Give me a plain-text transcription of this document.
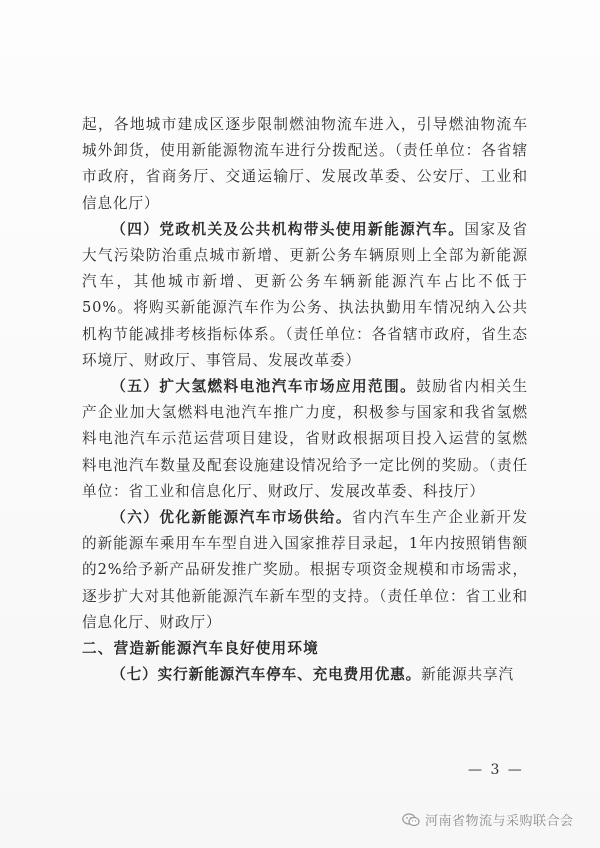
起，各地城市建成区逐步限制燃油物流车进入，引导燃油物流车城外卸货，使用新能源物流车进行分拨配送。（责任单位：各省辖市政府，省商务厅、交通运输厅、发展改革委、公安厅、工业和信息化厅）

（四）党政机关及公共机构带头使用新能源汽车。国家及省大气污染防治重点城市新增、更新公务车辆原则上全部为新能源汽车，其他城市新增、更新公务车辆新能源汽车占比不低于50%。将购买新能源汽车作为公务、执法执勤用车情况纳入公共机构节能减排考核指标体系。（责任单位：各省辖市政府，省生态环境厅、财政厅、事管局、发展改革委）

（五）扩大氢燃料电池汽车市场应用范围。鼓励省内相关生产企业加大氢燃料电池汽车推广力度，积极参与国家和我省氢燃料电池汽车示范运营项目建设，省财政根据项目投入运营的氢燃料电池汽车数量及配套设施建设情况给予一定比例的奖励。（责任单位：省工业和信息化厅、财政厅、发展改革委、科技厅）

（六）优化新能源汽车市场供给。省内汽车生产企业新开发的新能源车乘用车车型自进入国家推荐目录起，1年内按照销售额的2%给予新产品研发推广奖励。根据专项资金规模和市场需求，逐步扩大对其他新能源汽车新车型的支持。（责任单位：省工业和信息化厅、财政厅）

二、营造新能源汽车良好使用环境

（七）实行新能源汽车停车、充电费用优惠。新能源共享汽

— 3 —
河南省物流与采购联合会
